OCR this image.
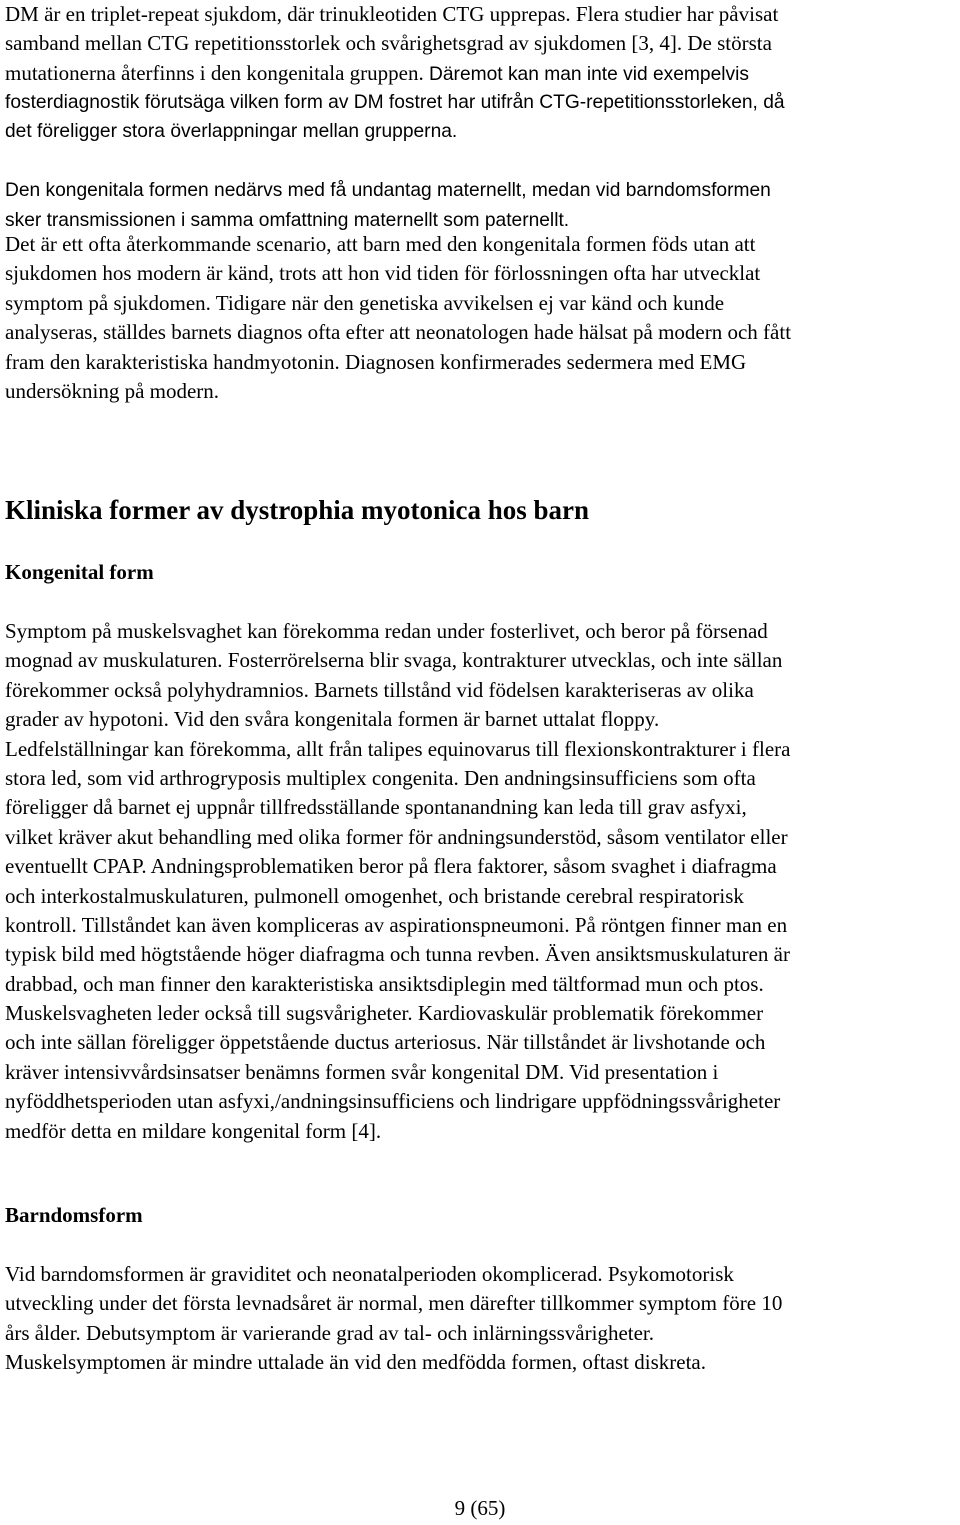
DM är en triplet-repeat sjukdom, där trinukleotiden CTG upprepas. Flera studier har påvisat
samband mellan CTG repetitionsstorlek och svårighetsgrad av sjukdomen [3, 4]. De största
mutationerna återfinns i den kongenitala gruppen. Däremot kan man inte vid exempelvis
fosterdiagnostik förutsäga vilken form av DM fostret har utifrån CTG-repetitionsstorleken, då
det föreligger stora överlappningar mellan grupperna.
Den kongenitala formen nedärvs med få undantag maternellt, medan vid barndomsformen
sker transmissionen i samma omfattning maternellt som paternellt.
Det är ett ofta återkommande scenario, att barn med den kongenitala formen föds utan att
sjukdomen hos modern är känd, trots att hon vid tiden för förlossningen ofta har utvecklat
symptom på sjukdomen. Tidigare när den genetiska avvikelsen ej var känd och kunde
analyseras, ställdes barnets diagnos ofta efter att neonatologen hade hälsat på modern och fått
fram den karakteristiska handmyotonin. Diagnosen konfirmerades sedermera med EMG
undersökning på modern.
Kliniska former av dystrophia myotonica hos barn
Kongenital form
Symptom på muskelsvaghet kan förekomma redan under fosterlivet, och beror på försenad
mognad av muskulaturen. Fosterrörelserna blir svaga, kontrakturer utvecklas, och inte sällan
förekommer också polyhydramnios. Barnets tillstånd vid födelsen karakteriseras av olika
grader av hypotoni. Vid den svåra kongenitala formen är barnet uttalat floppy.
Ledfelställningar kan förekomma, allt från talipes equinovarus till flexionskontrakturer i flera
stora led, som vid arthrogryposis multiplex congenita. Den andningsinsufficiens som ofta
föreligger då barnet ej uppnår tillfredsställande spontanandning kan leda till grav asfyxi,
vilket kräver akut behandling med olika former för andningsunderstöd, såsom ventilator eller
eventuellt CPAP. Andningsproblematiken beror på flera faktorer, såsom svaghet i diafragma
och interkostalmuskulaturen, pulmonell omogenhet, och bristande cerebral respiratorisk
kontroll. Tillståndet kan även kompliceras av aspirationspneumoni. På röntgen finner man en
typisk bild med högtstående höger diafragma och tunna revben. Även ansiktsmuskulaturen är
drabbad, och man finner den karakteristiska ansiktsdiplegin med tältformad mun och ptos.
Muskelsvagheten leder också till sugsvårigheter. Kardiovaskulär problematik förekommer
och inte sällan föreligger öppetstående ductus arteriosus. När tillståndet är livshotande och
kräver intensivvårdsinsatser benämns formen svår kongenital DM. Vid presentation i
nyföddhetsperioden utan asfyxi,/andningsinsufficiens och lindrigare uppfödningssvårigheter
medför detta en mildare kongenital form [4].
Barndomsform
Vid barndomsformen är graviditet och neonatalperioden okomplicerad. Psykomotorisk
utveckling under det första levnadsåret är normal, men därefter tillkommer symptom före 10
års ålder. Debutsymptom är varierande grad av tal- och inlärningssvårigheter.
Muskelsymptomen är mindre uttalade än vid den medfödda formen, oftast diskreta.
9 (65)
